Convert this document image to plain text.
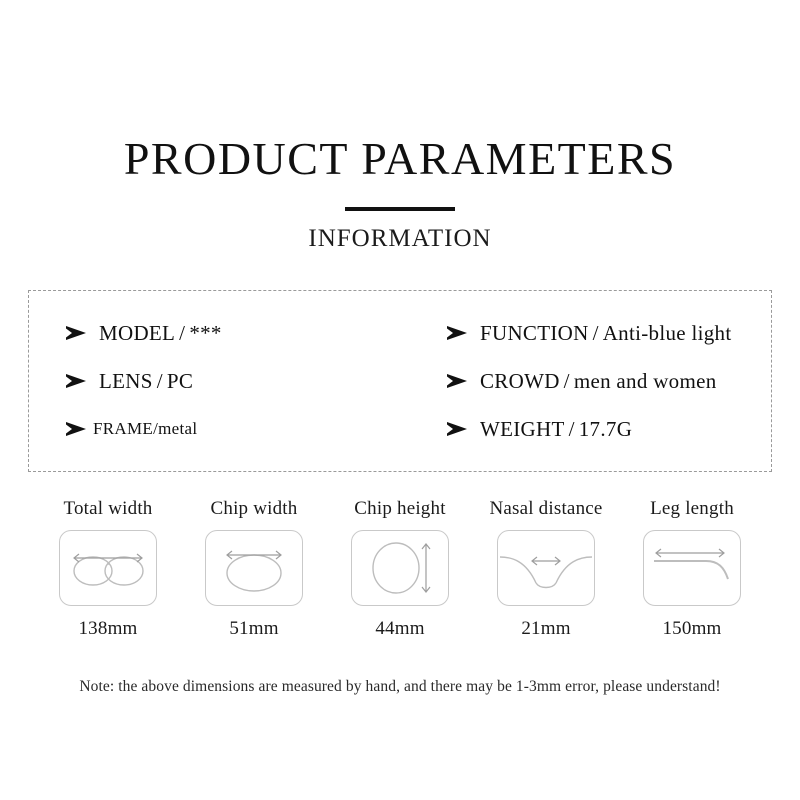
PRODUCT PARAMETERS
INFORMATION
MODEL / ***
LENS / PC
FRAME/metal
FUNCTION / Anti-blue light
CROWD / men and women
WEIGHT / 17.7G
Total width
138mm
Chip width
51mm
Chip height
44mm
Nasal distance
21mm
Leg length
150mm
Note: the above dimensions are measured by hand, and there may be 1-3mm error, please understand!
